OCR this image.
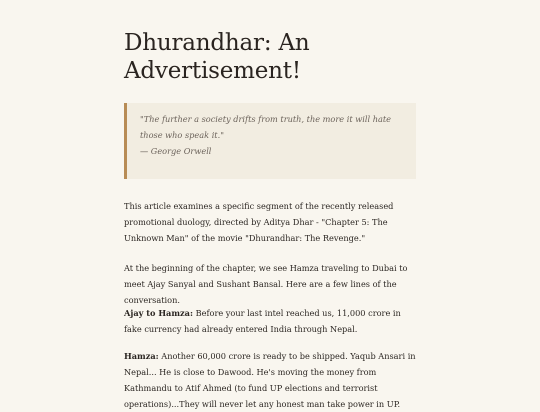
Dhurandhar: An Advertisement!

"The further a society drifts from truth, the more it will hate those who speak it."

— George Orwell

This article examines a specific segment of the recently released promotional duology, directed by Aditya Dhar - "Chapter 5: The Unknown Man" of the movie "Dhurandhar: The Revenge."

At the beginning of the chapter, we see Hamza traveling to Dubai to meet Ajay Sanyal and Sushant Bansal. Here are a few lines of the conversation.

Ajay to Hamza: Before your last intel reached us, 11,000 crore in fake currency had already entered India through Nepal.

Hamza: Another 60,000 crore is ready to be shipped. Yaqub Ansari in Nepal... He is close to Dawood. He's moving the money from Kathmandu to Atif Ahmed (to fund UP elections and terrorist operations)...They will never let any honest man take power in UP.
